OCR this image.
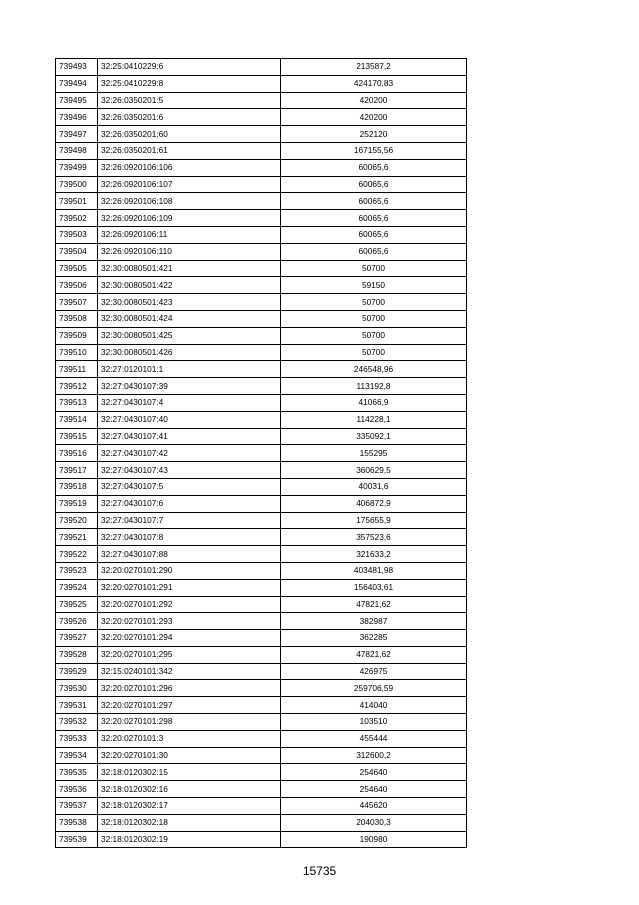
739493	32:25:0410229:6	213587,2
739494	32:25:0410229:8	424170,83
739495	32:26:0350201:5	420200
739496	32:26:0350201:6	420200
739497	32:26:0350201:60	252120
739498	32:26:0350201:61	167155,56
739499	32:26:0920106:106	60065,6
739500	32:26:0920106:107	60065,6
739501	32:26:0920106:108	60065,6
739502	32:26:0920106:109	60065,6
739503	32:26:0920106:11	60065,6
739504	32:26:0920106:110	60065,6
739505	32:30:0080501:421	50700
739506	32:30:0080501:422	59150
739507	32:30:0080501:423	50700
739508	32:30:0080501:424	50700
739509	32:30:0080501:425	50700
739510	32:30:0080501:426	50700
739511	32:27:0120101:1	246548,96
739512	32:27:0430107:39	113192,8
739513	32:27:0430107:4	41066,9
739514	32:27:0430107:40	114228,1
739515	32:27:0430107:41	335092,1
739516	32:27:0430107:42	155295
739517	32:27:0430107:43	360629,5
739518	32:27:0430107:5	40031,6
739519	32:27:0430107:6	406872,9
739520	32:27:0430107:7	175655,9
739521	32:27:0430107:8	357523,6
739522	32:27:0430107:88	321633,2
739523	32:20:0270101:290	403481,98
739524	32:20:0270101:291	156403,61
739525	32:20:0270101:292	47821,62
739526	32:20:0270101:293	382987
739527	32:20:0270101:294	362285
739528	32:20:0270101:295	47821,62
739529	32:15:0240101:342	426975
739530	32:20:0270101:296	259706,59
739531	32:20:0270101:297	414040
739532	32:20:0270101:298	103510
739533	32:20:0270101:3	455444
739534	32:20:0270101:30	312600,2
739535	32:18:0120302:15	254640
739536	32:18:0120302:16	254640
739537	32:18:0120302:17	445620
739538	32:18:0120302:18	204030,3
739539	32:18:0120302:19	190980
15735
